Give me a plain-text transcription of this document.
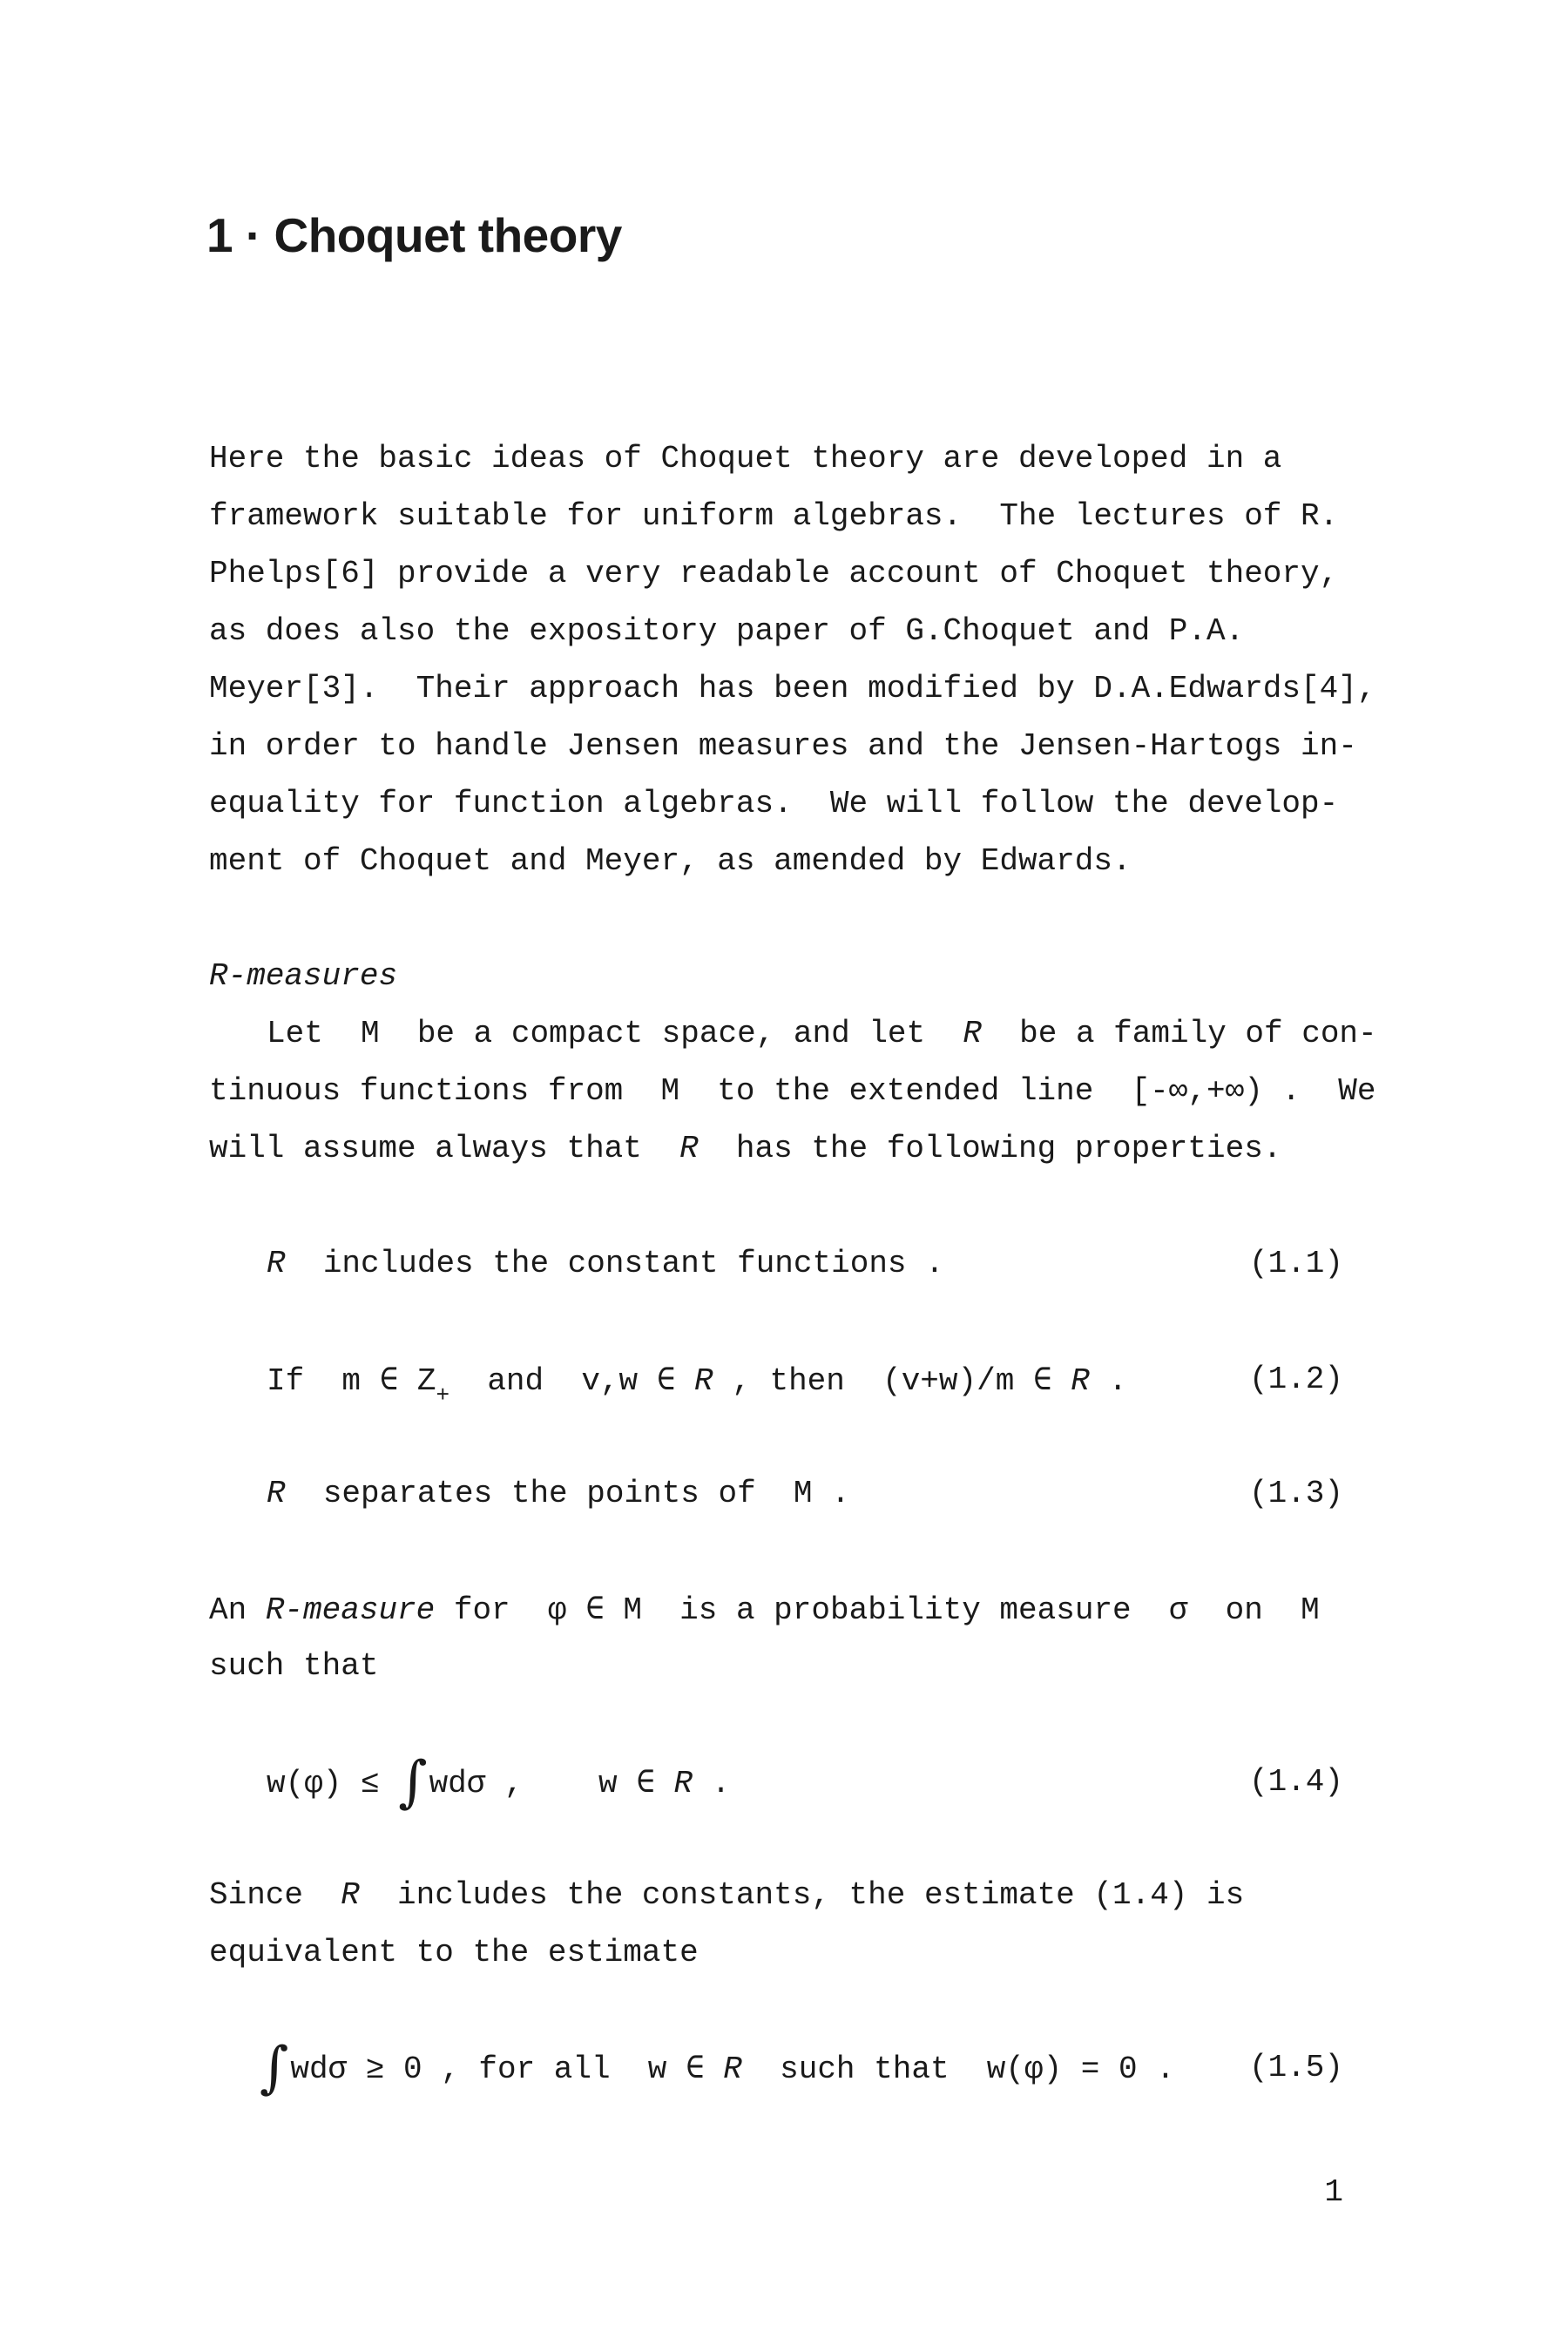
1 · Choquet theory
Here the basic ideas of Choquet theory are developed in a
framework suitable for uniform algebras.  The lectures of R.
Phelps[6] provide a very readable account of Choquet theory,
as does also the expository paper of G.Choquet and P.A.
Meyer[3].  Their approach has been modified by D.A.Edwards[4],
in order to handle Jensen measures and the Jensen-Hartogs in-
equality for function algebras.  We will follow the develop-
ment of Choquet and Meyer, as amended by Edwards.
R-measures
Let  M  be a compact space, and let  R  be a family of con-
tinuous functions from  M  to the extended line  [-∞,+∞) .  We
will assume always that  R  has the following properties.
R  includes the constant functions .	(1.1)
If  m ∈ $Z_+$  and  v,w ∈ R , then  (v+w)/m ∈ R .	(1.2)
R  separates the points of  M .	(1.3)
An R-measure for  φ ∈ M  is a probability measure  σ  on  M
such that
w(φ) ≤ ∫wdσ ,    w ∈ R .	(1.4)
Since  R  includes the constants, the estimate (1.4) is
equivalent to the estimate
∫wdσ ≥ 0 , for all  w ∈ R  such that  w(φ) = 0 . (1.5)
1
